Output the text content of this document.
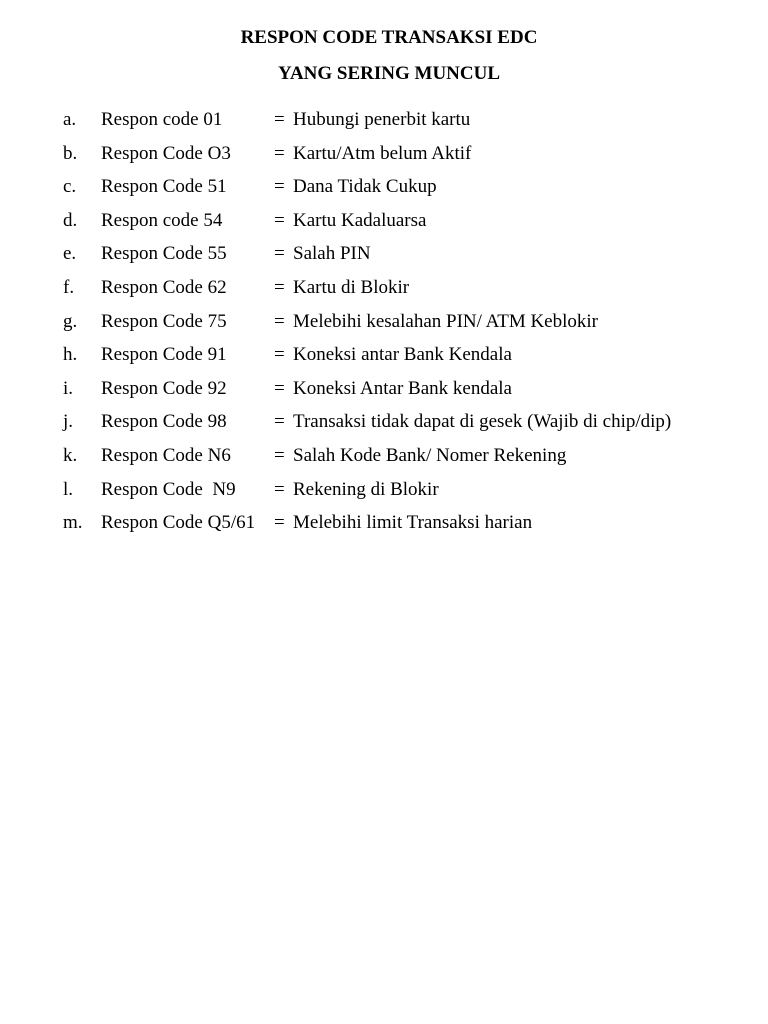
RESPON CODE TRANSAKSI EDC
YANG SERING MUNCUL
a. Respon code 01	= Hubungi penerbit kartu
b. Respon Code O3 = Kartu/Atm belum Aktif
c. Respon Code 51 = Dana Tidak Cukup
d. Respon code 54	= Kartu Kadaluarsa
e. Respon Code 55 = Salah PIN
f. Respon Code 62 = Kartu di Blokir
g. Respon Code 75 = Melebihi kesalahan PIN/ ATM Keblokir
h. Respon Code 91 = Koneksi antar Bank Kendala
i. Respon Code 92 = Koneksi Antar Bank kendala
j. Respon Code 98 = Transaksi tidak dapat di gesek (Wajib di chip/dip)
k. Respon Code N6 = Salah Kode Bank/ Nomer Rekening
l. Respon Code  N9 = Rekening di Blokir
m. Respon Code Q5/61 = Melebihi limit Transaksi harian
